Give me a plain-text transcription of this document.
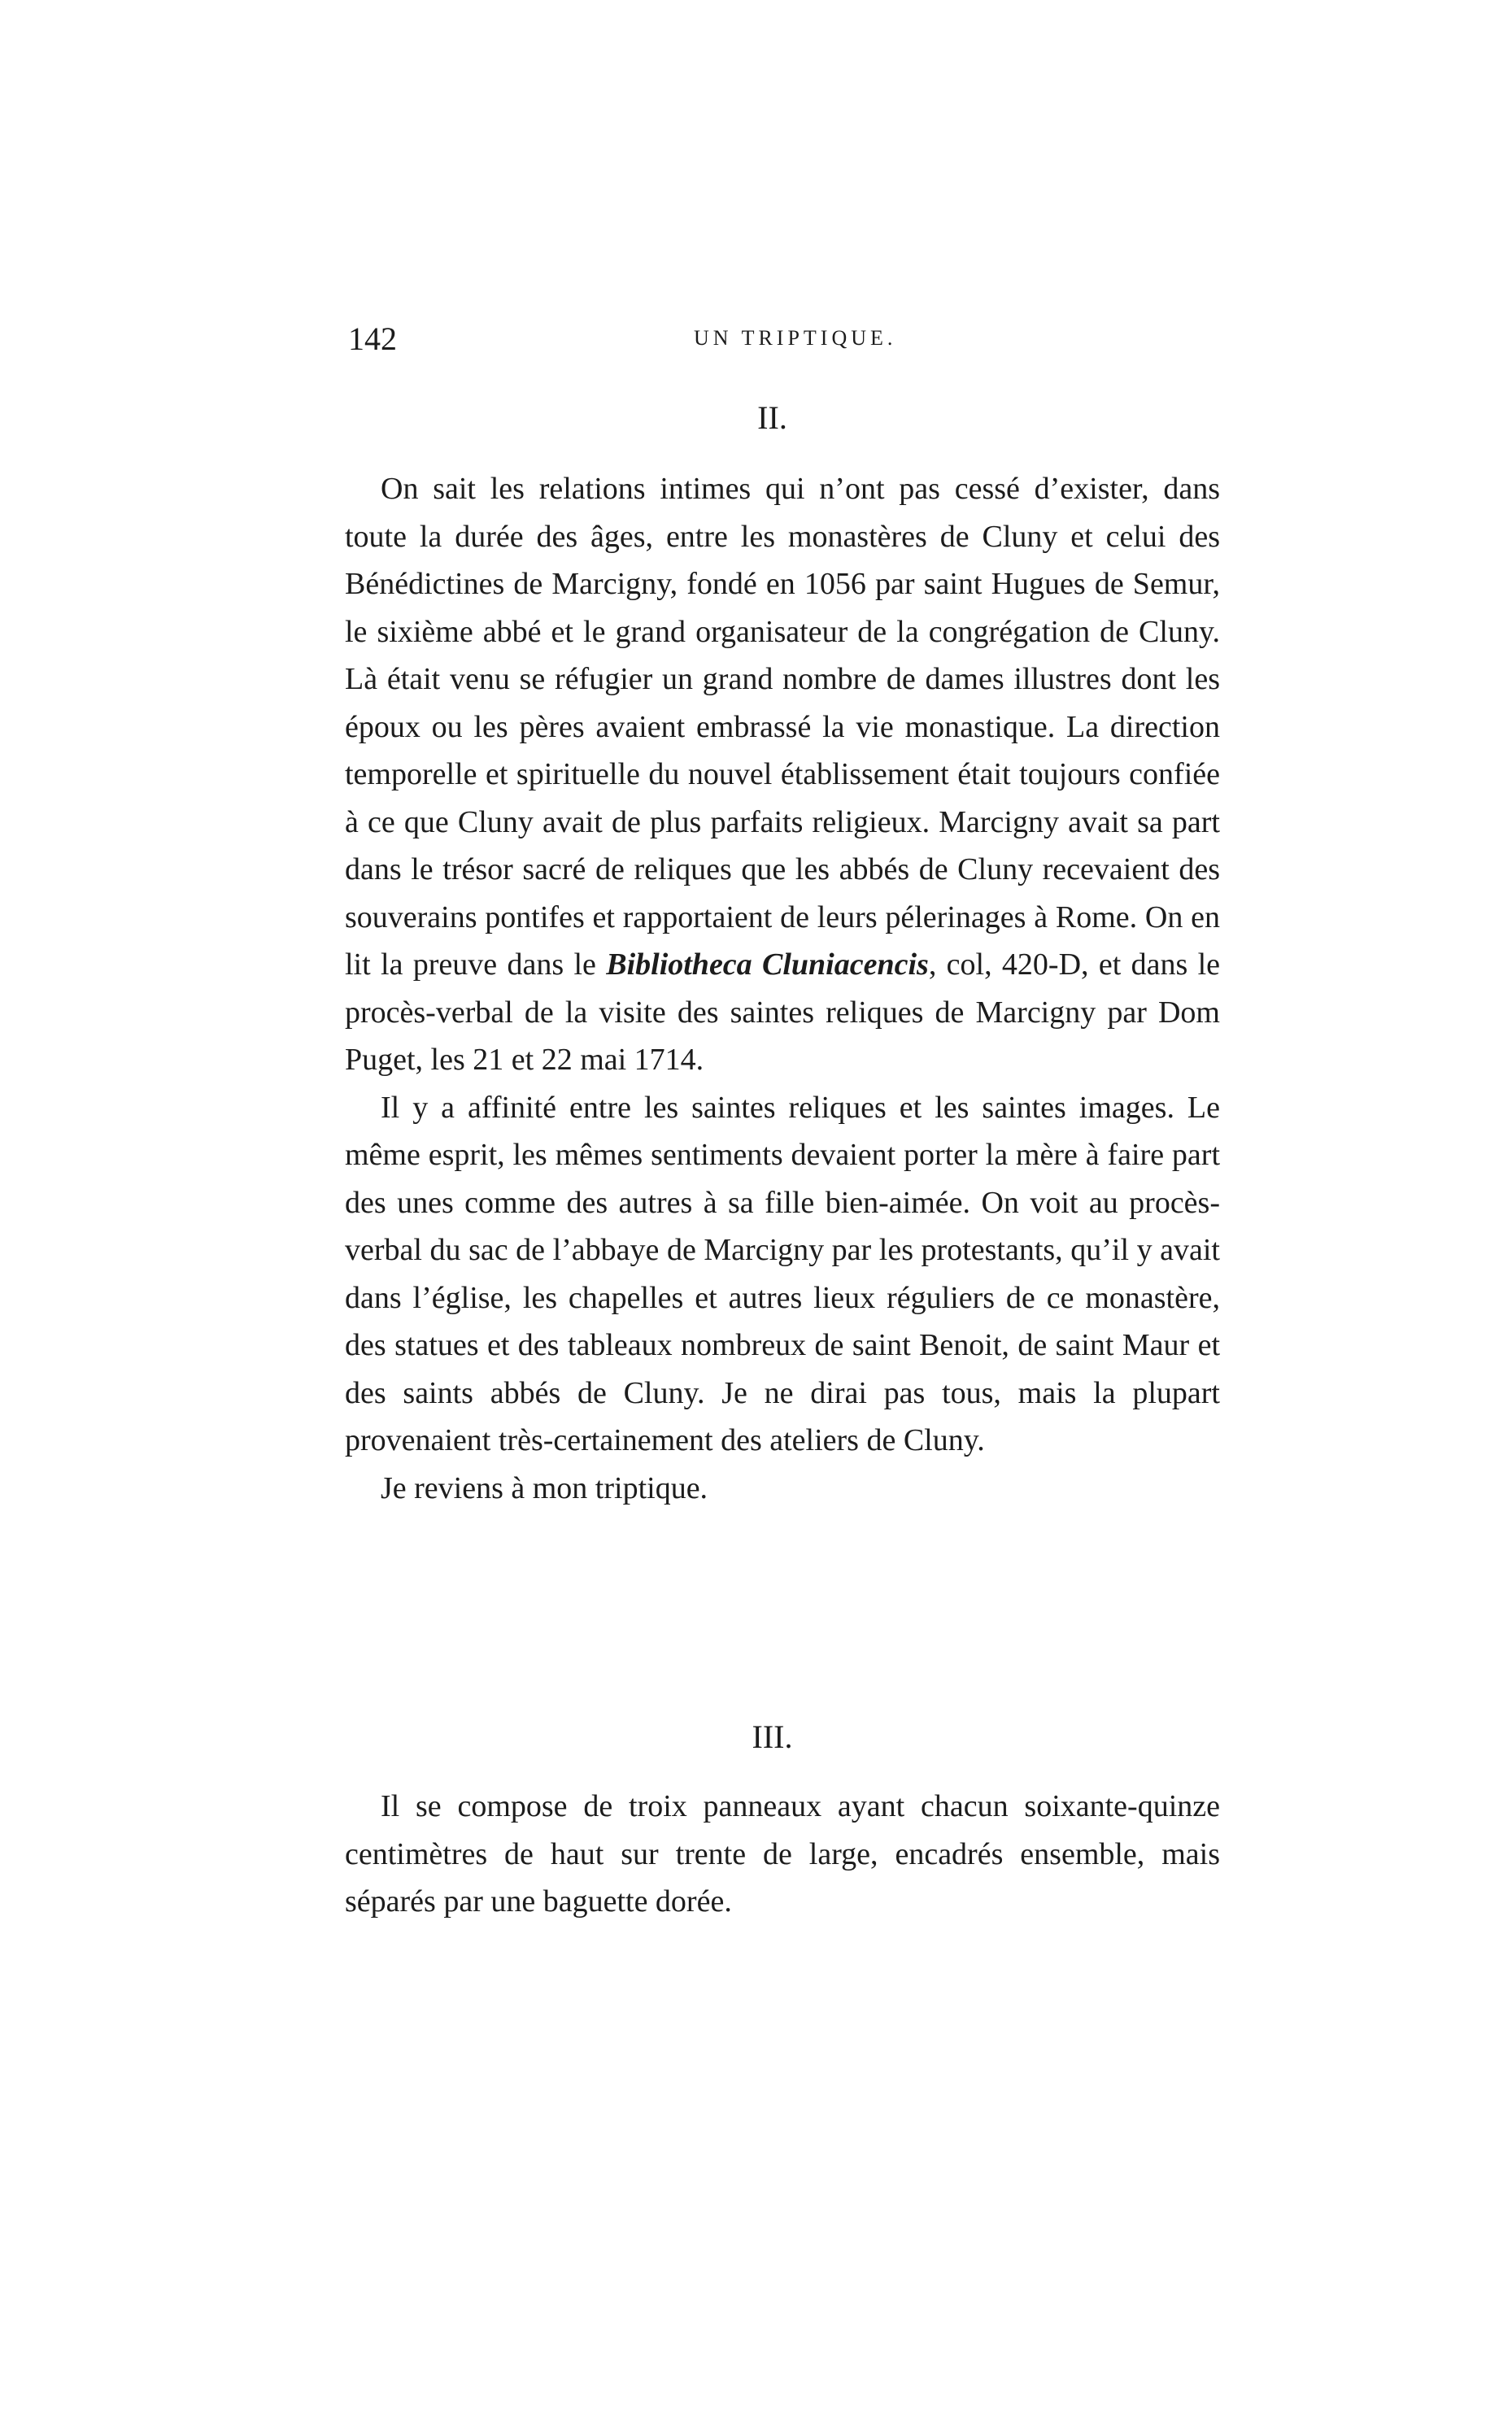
142	UN TRIPTIQUE.
II.

On sait les relations intimes qui n’ont pas cessé d’exister, dans toute la durée des âges, entre les monastères de Cluny et celui des Bénédictines de Marcigny, fondé en 1056 par saint Hugues de Semur, le sixième abbé et le grand organisateur de la congrégation de Cluny. Là était venu se réfugier un grand nombre de dames illustres dont les époux ou les pères avaient embrassé la vie monastique. La direction temporelle et spirituelle du nouvel établissement était toujours confiée à ce que Cluny avait de plus parfaits religieux. Marcigny avait sa part dans le trésor sacré de reliques que les abbés de Cluny recevaient des souverains pontifes et rapportaient de leurs pélerinages à Rome. On en lit la preuve dans le Bibliotheca Cluniacencis, col, 420-D, et dans le procès-verbal de la visite des saintes reliques de Marcigny par Dom Puget, les 21 et 22 mai 1714.

Il y a affinité entre les saintes reliques et les saintes images. Le même esprit, les mêmes sentiments devaient porter la mère à faire part des unes comme des autres à sa fille bien-aimée. On voit au procès-verbal du sac de l’abbaye de Marcigny par les protestants, qu’il y avait dans l’église, les chapelles et autres lieux réguliers de ce monastère, des statues et des tableaux nombreux de saint Benoit, de saint Maur et des saints abbés de Cluny. Je ne dirai pas tous, mais la plupart provenaient très-certainement des ateliers de Cluny.

Je reviens à mon triptique.

III.

Il se compose de troix panneaux ayant chacun soixante-quinze centimètres de haut sur trente de large, encadrés ensemble, mais séparés par une baguette dorée.
